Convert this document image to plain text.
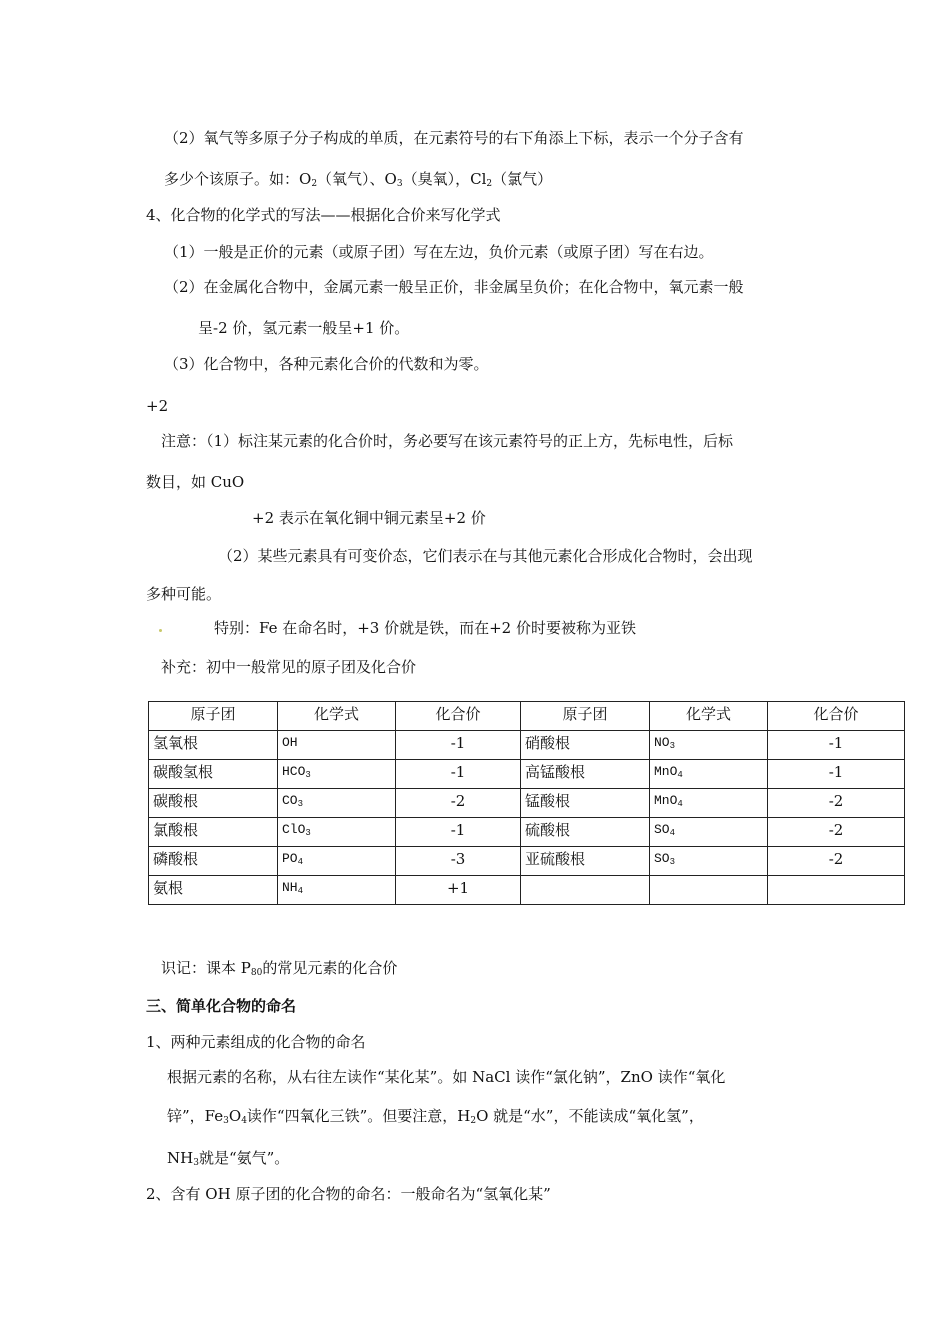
（2）氧气等多原子分子构成的单质，在元素符号的右下角添上下标，表示一个分子含有
多少个该原子。如：$O_2$（氧气）、$O_3$（臭氧），$Cl_2$（氯气）
4、化合物的化学式的写法——根据化合价来写化学式
（1）一般是正价的元素（或原子团）写在左边，负价元素（或原子团）写在右边。
（2）在金属化合物中，金属元素一般呈正价，非金属呈负价；在化合物中，氧元素一般
呈-2 价，氢元素一般呈+1 价。
（3）化合物中，各种元素化合价的代数和为零。
+2
注意：（1）标注某元素的化合价时，务必要写在该元素符号的正上方，先标电性，后标
数目，如 CuO
+2 表示在氧化铜中铜元素呈+2 价
（2）某些元素具有可变价态，它们表示在与其他元素化合形成化合物时，会出现
多种可能。
特别：Fe 在命名时，+3 价就是铁，而在+2 价时要被称为亚铁
补充：初中一般常见的原子团及化合价
原子团	化学式	化合价	原子团	化学式	化合价
氢氧根	OH	-1	硝酸根	$NO_3$	-1
碳酸氢根	$HCO_3$	-1	高锰酸根	MnO$_4$	-1
碳酸根	$CO_3$	-2	锰酸根	MnO$_4$	-2
氯酸根	ClO$_3$	-1	硫酸根	$SO_4$	-2
磷酸根	$PO_4$	-3	亚硫酸根	$SO_3$	-2
氨根	$NH_4$	+1			
识记：课本 $P_{80}$的常见元素的化合价
三、简单化合物的命名
1、两种元素组成的化合物的命名
根据元素的名称，从右往左读作“某化某”。如 NaCl 读作“氯化钠”，ZnO 读作“氧化
锌”，$Fe_3O_4$读作“四氧化三铁”。但要注意，$H_2O$ 就是“水”，不能读成“氧化氢”，
$NH_3$就是“氨气”。
2、含有 OH 原子团的化合物的命名：一般命名为“氢氧化某”
